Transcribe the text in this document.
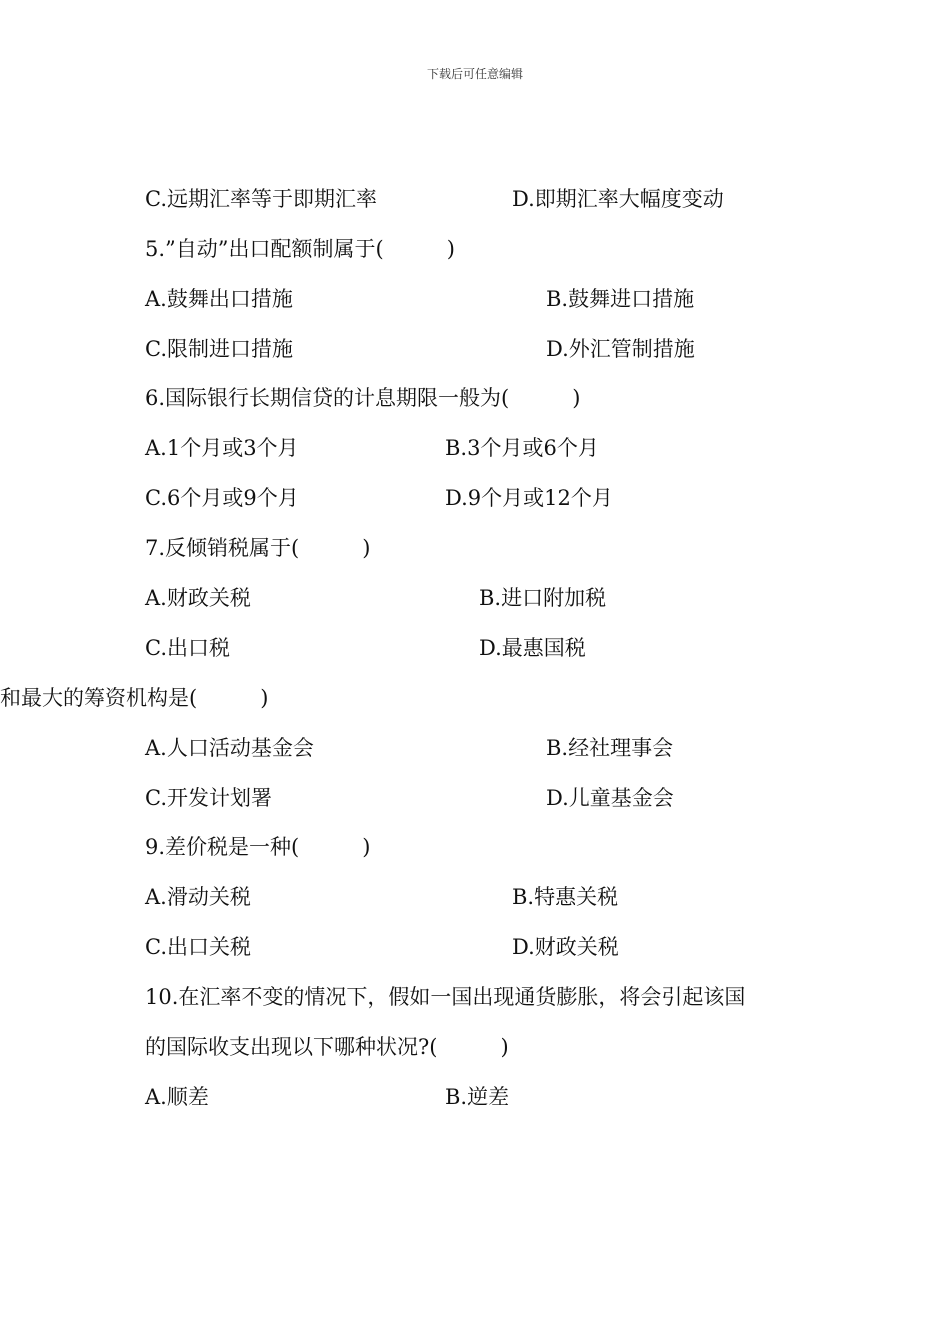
下载后可任意编辑
C.远期汇率等于即期汇率	D.即期汇率大幅度变动
5.”自动”出口配额制属于(　　　)
A.鼓舞出口措施	B.鼓舞进口措施
C.限制进口措施	D.外汇管制措施
6.国际银行长期信贷的计息期限一般为(　　　)
A.1个月或3个月	B.3个月或6个月
C.6个月或9个月	D.9个月或12个月
7.反倾销税属于(　　　)
A.财政关税	B.进口附加税
C.出口税	D.最惠国税
和最大的筹资机构是(　　　)
A.人口活动基金会	B.经社理事会
C.开发计划署	D.儿童基金会
9.差价税是一种(　　　)
A.滑动关税	B.特惠关税
C.出口关税	D.财政关税
10.在汇率不变的情况下，假如一国出现通货膨胀，将会引起该国
的国际收支出现以下哪种状况?(　　　)
A.顺差	B.逆差
